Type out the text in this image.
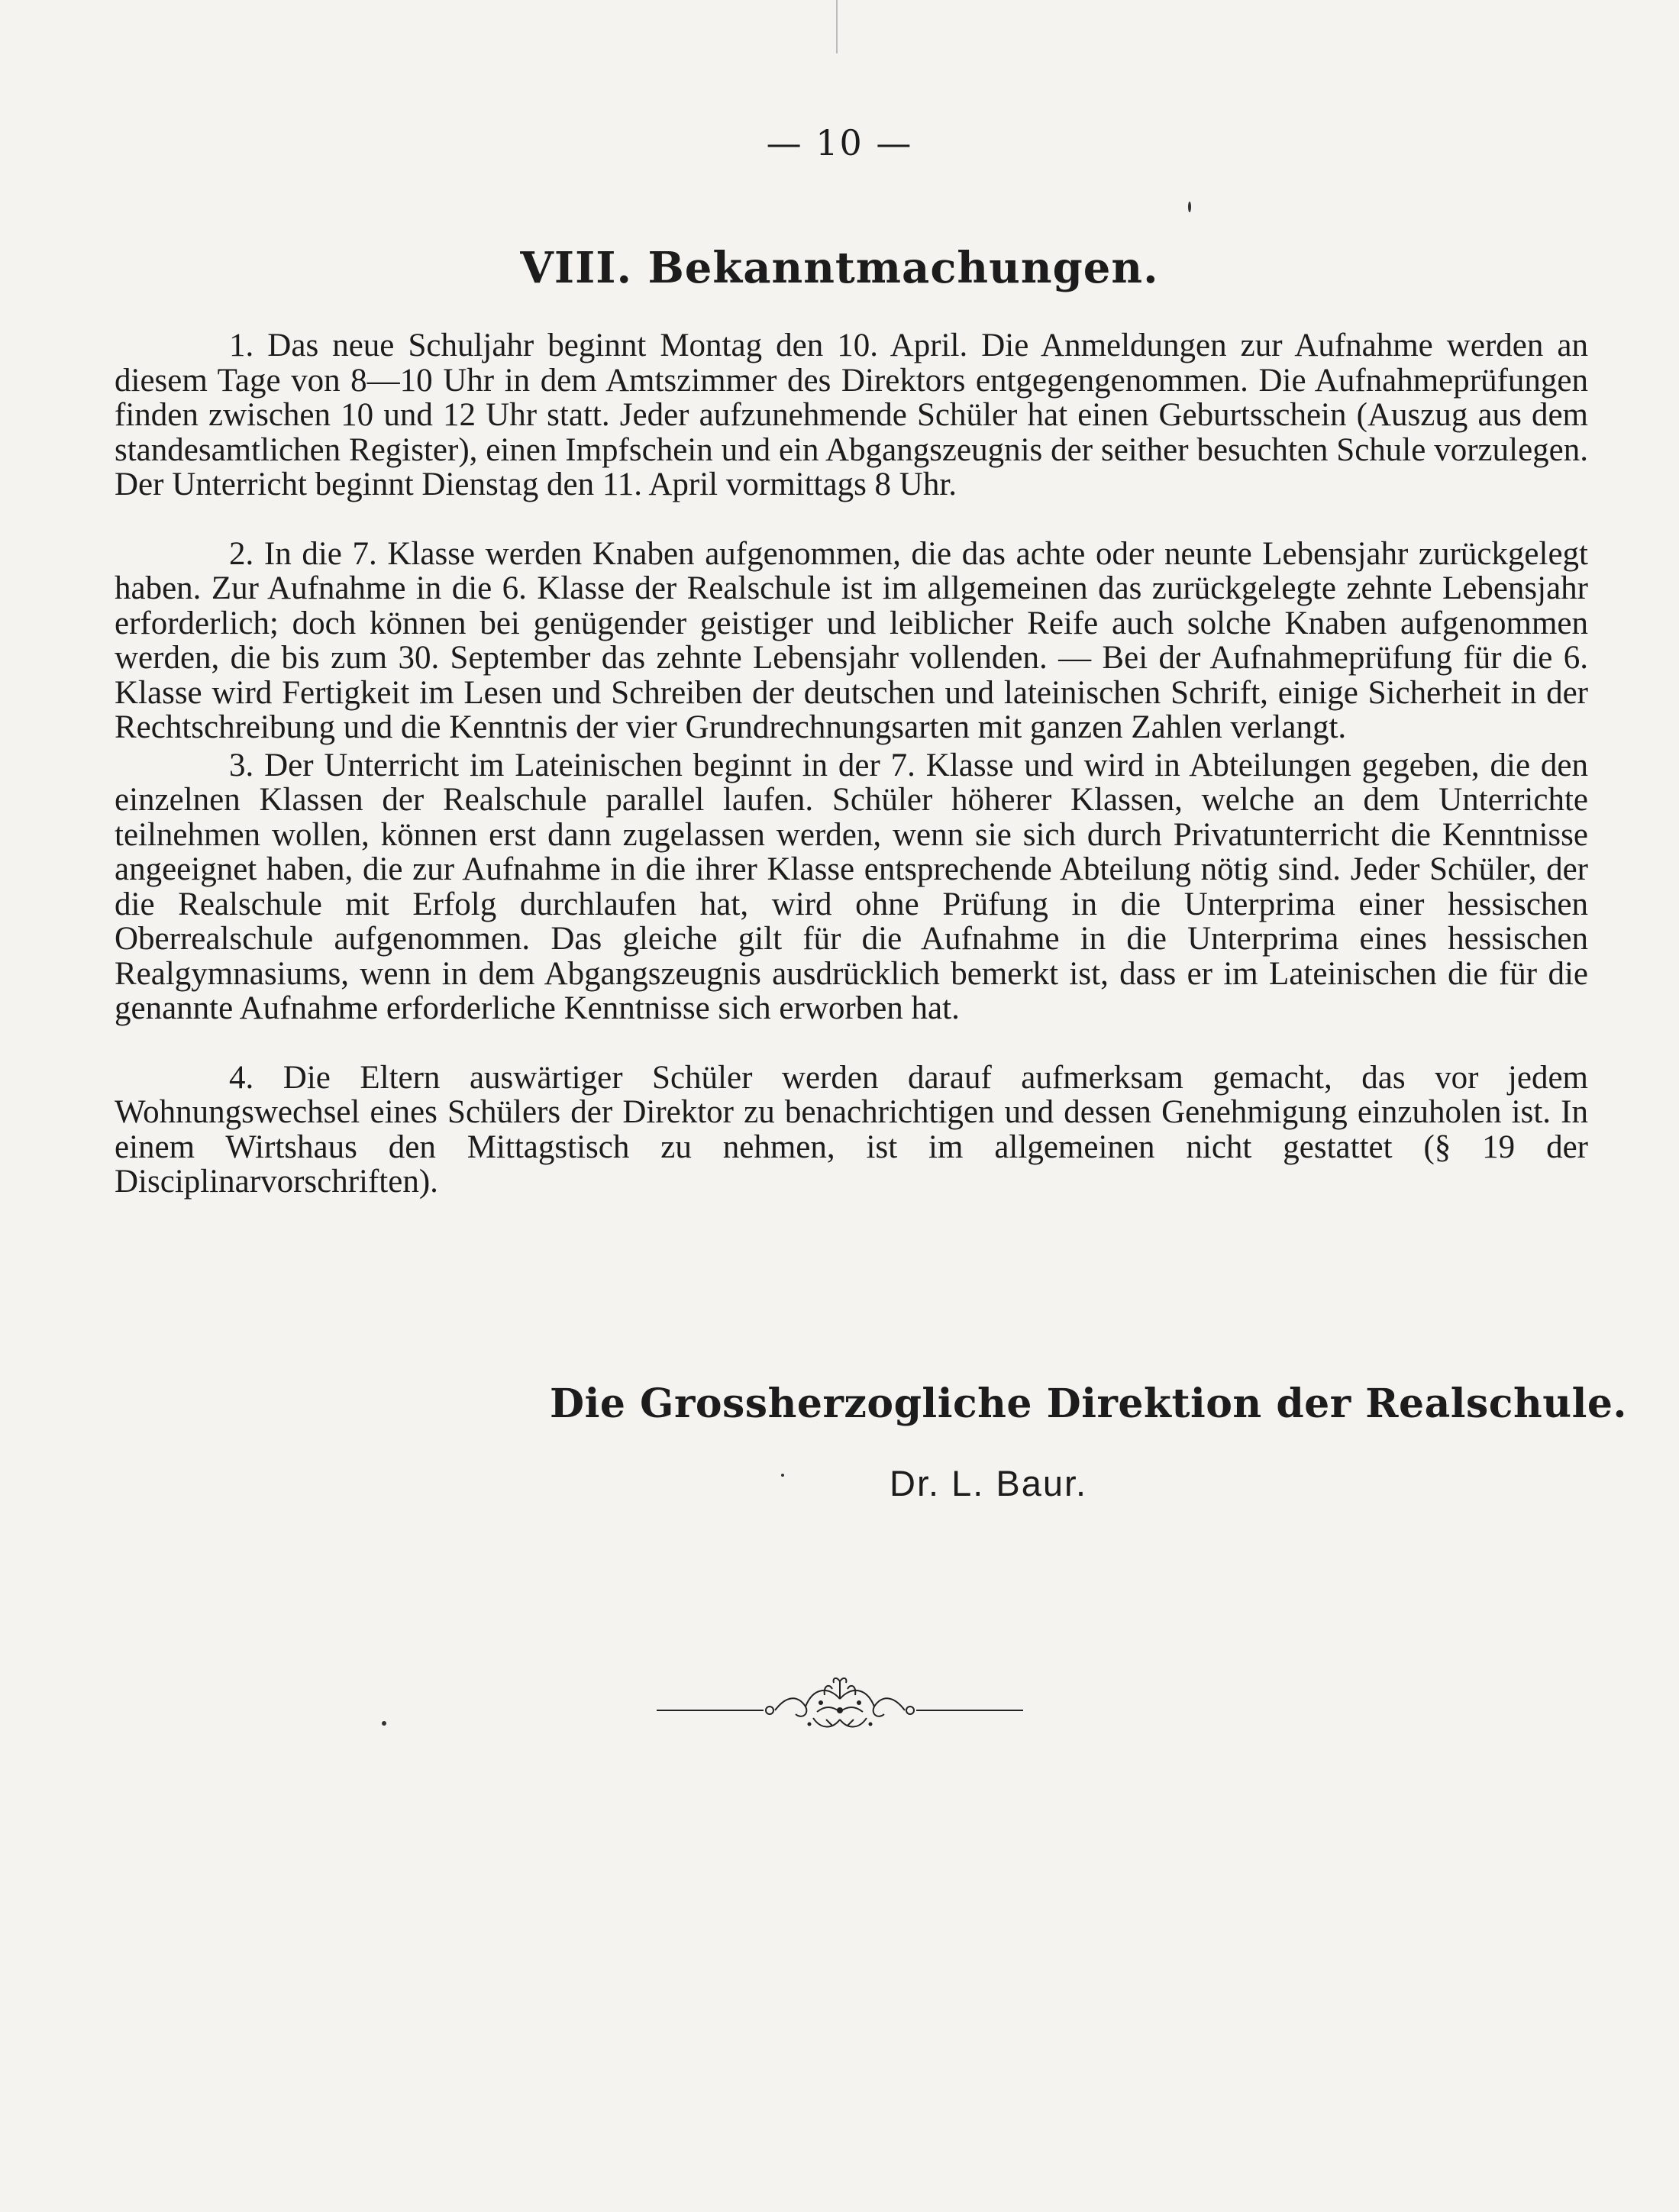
— 10 —
VIII. Bekanntmachungen.

1. Das neue Schuljahr beginnt Montag den 10. April. Die Anmeldungen zur Aufnahme werden an diesem Tage von 8—10 Uhr in dem Amtszimmer des Direktors entgegengenommen. Die Aufnahmeprüfungen finden zwischen 10 und 12 Uhr statt. Jeder aufzunehmende Schüler hat einen Geburtsschein (Auszug aus dem standesamtlichen Register), einen Impfschein und ein Abgangszeugnis der seither besuchten Schule vorzulegen. Der Unterricht beginnt Dienstag den 11. April vormittags 8 Uhr.

2. In die 7. Klasse werden Knaben aufgenommen, die das achte oder neunte Lebensjahr zurückgelegt haben. Zur Aufnahme in die 6. Klasse der Realschule ist im allgemeinen das zurückgelegte zehnte Lebensjahr erforderlich; doch können bei genügender geistiger und leiblicher Reife auch solche Knaben aufgenommen werden, die bis zum 30. September das zehnte Lebensjahr vollenden. — Bei der Aufnahmeprüfung für die 6. Klasse wird Fertigkeit im Lesen und Schreiben der deutschen und lateinischen Schrift, einige Sicherheit in der Rechtschreibung und die Kenntnis der vier Grundrechnungsarten mit ganzen Zahlen verlangt.

3. Der Unterricht im Lateinischen beginnt in der 7. Klasse und wird in Abteilungen gegeben, die den einzelnen Klassen der Realschule parallel laufen. Schüler höherer Klassen, welche an dem Unterrichte teilnehmen wollen, können erst dann zugelassen werden, wenn sie sich durch Privatunterricht die Kenntnisse angeeignet haben, die zur Aufnahme in die ihrer Klasse entsprechende Abteilung nötig sind. Jeder Schüler, der die Realschule mit Erfolg durchlaufen hat, wird ohne Prüfung in die Unterprima einer hessischen Oberrealschule aufgenommen. Das gleiche gilt für die Aufnahme in die Unterprima eines hessischen Realgymnasiums, wenn in dem Abgangszeugnis ausdrücklich bemerkt ist, dass er im Lateinischen die für die genannte Aufnahme erforderliche Kenntnisse sich erworben hat.

4. Die Eltern auswärtiger Schüler werden darauf aufmerksam gemacht, das vor jedem Wohnungswechsel eines Schülers der Direktor zu benachrichtigen und dessen Genehmigung einzuholen ist. In einem Wirtshaus den Mittagstisch zu nehmen, ist im allgemeinen nicht gestattet (§ 19 der Disciplinarvorschriften).

Die Grossherzogliche Direktion der Realschule.
Dr. L. Baur.
